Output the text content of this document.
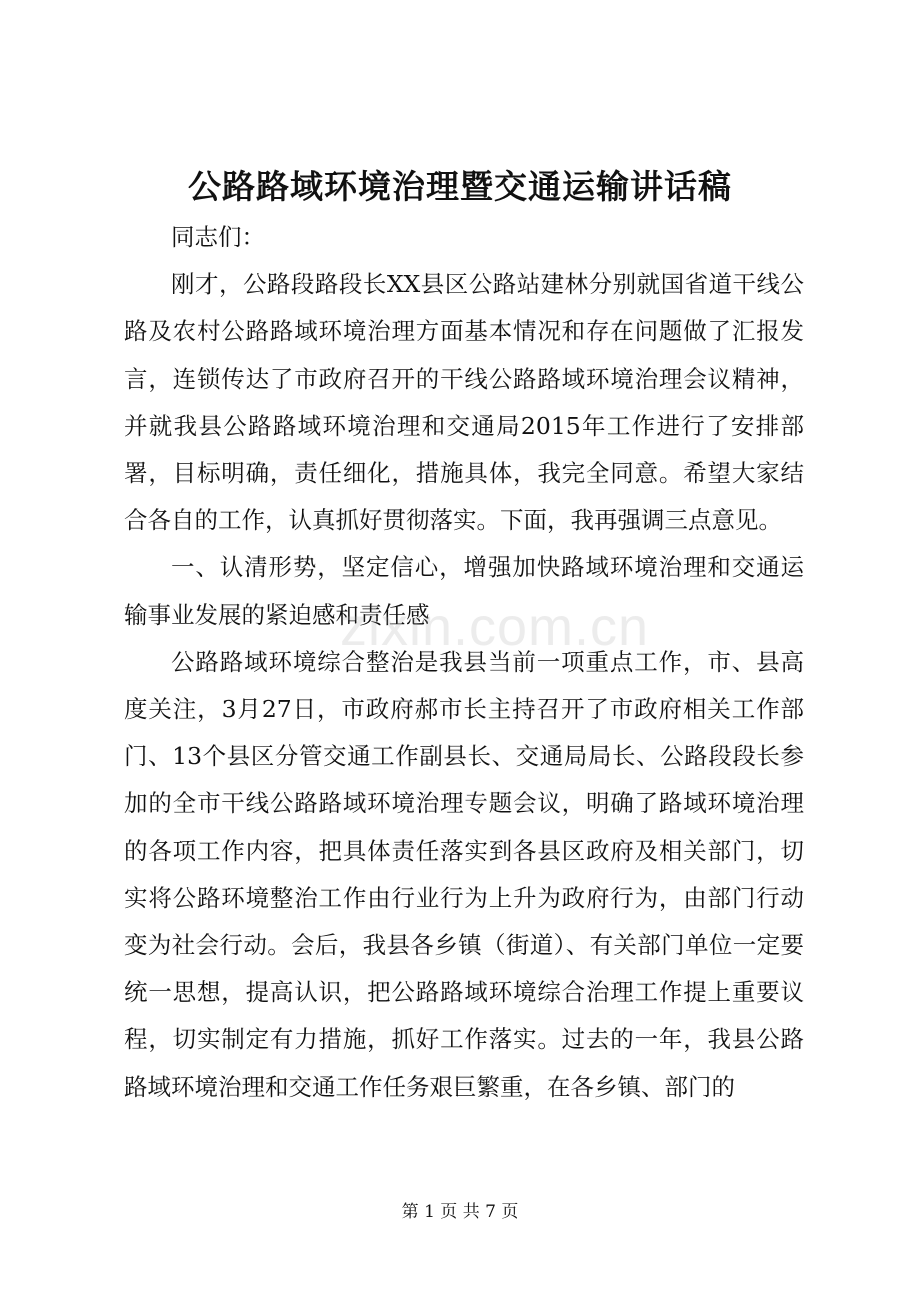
公路路域环境治理暨交通运输讲话稿

同志们：

刚才，公路段路段长XX县区公路站建林分别就国省道干线公路及农村公路路域环境治理方面基本情况和存在问题做了汇报发言，连锁传达了市政府召开的干线公路路域环境治理会议精神，并就我县公路路域环境治理和交通局2015年工作进行了安排部署，目标明确，责任细化，措施具体，我完全同意。希望大家结合各自的工作，认真抓好贯彻落实。下面，我再强调三点意见。

一、认清形势，坚定信心，增强加快路域环境治理和交通运输事业发展的紧迫感和责任感

公路路域环境综合整治是我县当前一项重点工作，市、县高度关注，3月27日，市政府郝市长主持召开了市政府相关工作部门、13个县区分管交通工作副县长、交通局局长、公路段段长参加的全市干线公路路域环境治理专题会议，明确了路域环境治理的各项工作内容，把具体责任落实到各县区政府及相关部门，切实将公路环境整治工作由行业行为上升为政府行为，由部门行动变为社会行动。会后，我县各乡镇（街道）、有关部门单位一定要统一思想，提高认识，把公路路域环境综合治理工作提上重要议程，切实制定有力措施，抓好工作落实。过去的一年，我县公路路域环境治理和交通工作任务艰巨繁重，在各乡镇、部门的

zixin.com.cn
第 1 页 共 7 页
